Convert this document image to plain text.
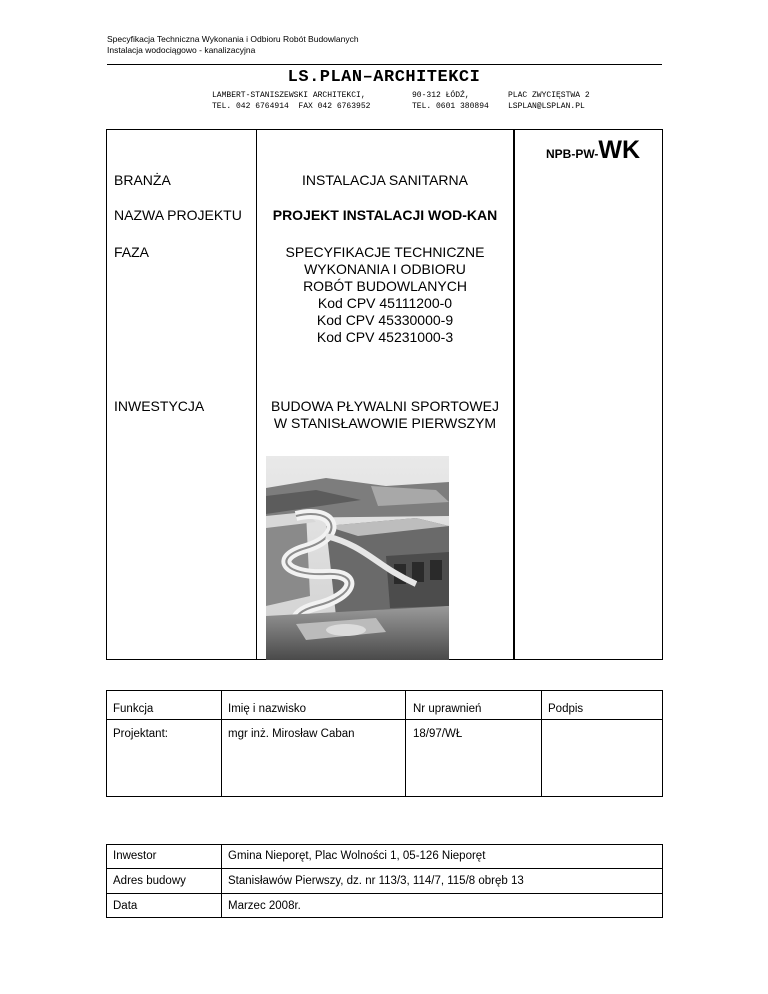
Specyfikacja Techniczna Wykonania i Odbioru Robót Budowlanych
Instalacja wodociągowo - kanalizacyjna
LS.PLAN–ARCHITEKCI
LAMBERT-STANISZEWSKI ARCHITEKCI,
TEL. 042 6764914  FAX 042 6763952
90-312 ŁÓDŹ,
TEL. 0601 380894
PLAC ZWYCIĘSTWA 2
LSPLAN@LSPLAN.PL
NPB-PW-WK
BRANŻA	INSTALACJA SANITARNA
NAZWA PROJEKTU	PROJEKT INSTALACJI WOD-KAN
FAZA	SPECYFIKACJE TECHNICZNE
WYKONANIA I ODBIORU
ROBÓT BUDOWLANYCH
Kod CPV 45111200-0
Kod CPV 45330000-9
Kod CPV 45231000-3
INWESTYCJA	BUDOWA PŁYWALNI SPORTOWEJ
W STANISŁAWOWIE PIERWSZYM
Funkcja	Imię i nazwisko	Nr uprawnień	Podpis
Projektant:	mgr inż. Mirosław Caban	18/97/WŁ
Inwestor	Gmina Nieporęt, Plac Wolności 1, 05-126 Nieporęt
Adres budowy	Stanisławów Pierwszy, dz. nr 113/3, 114/7, 115/8 obręb 13
Data	Marzec 2008r.
